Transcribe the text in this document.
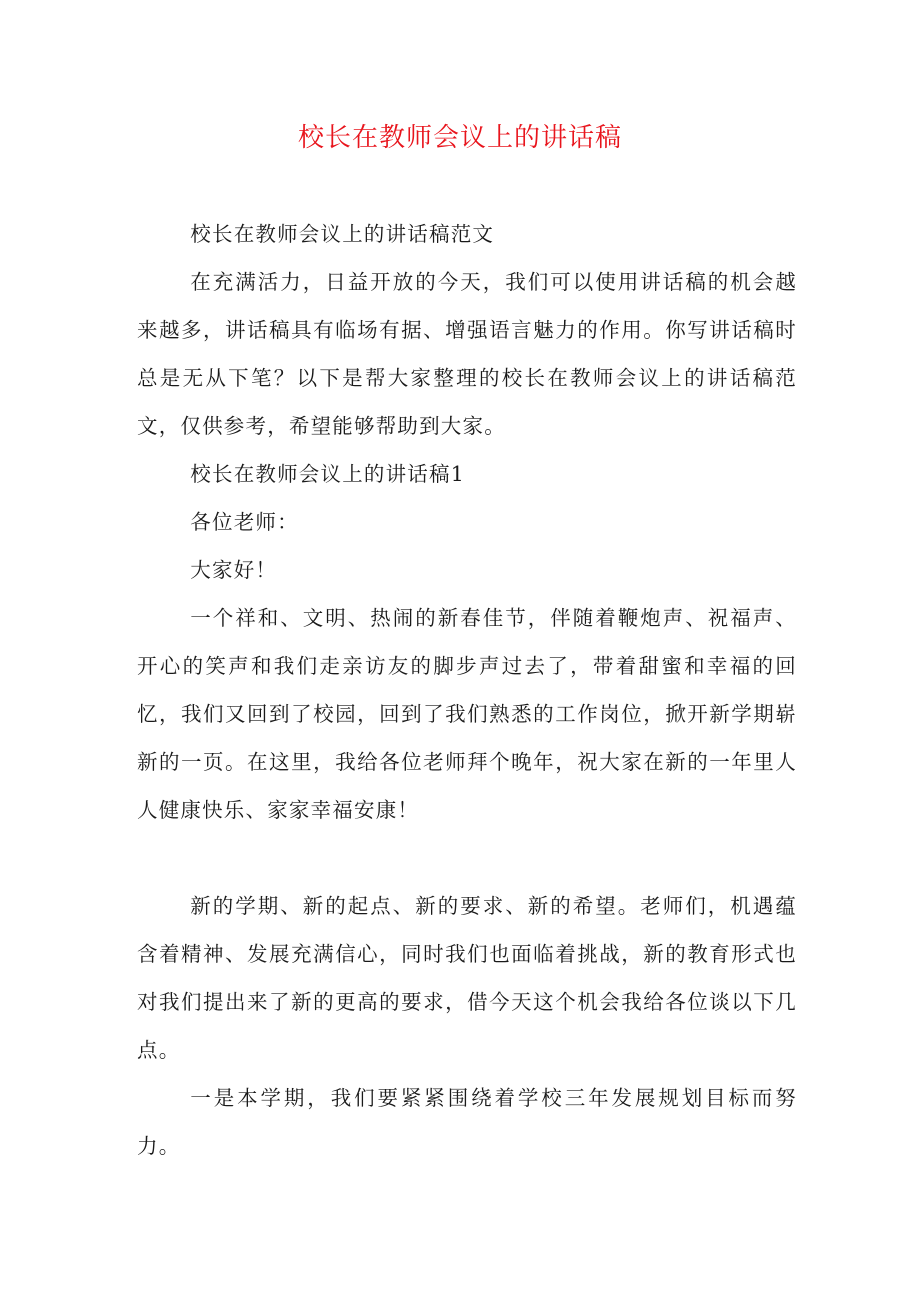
校长在教师会议上的讲话稿

校长在教师会议上的讲话稿范文

在充满活力，日益开放的今天，我们可以使用讲话稿的机会越来越多，讲话稿具有临场有据、增强语言魅力的作用。你写讲话稿时总是无从下笔？以下是帮大家整理的校长在教师会议上的讲话稿范文，仅供参考，希望能够帮助到大家。

校长在教师会议上的讲话稿1

各位老师：

大家好！

一个祥和、文明、热闹的新春佳节，伴随着鞭炮声、祝福声、开心的笑声和我们走亲访友的脚步声过去了，带着甜蜜和幸福的回忆，我们又回到了校园，回到了我们熟悉的工作岗位，掀开新学期崭新的一页。在这里，我给各位老师拜个晚年，祝大家在新的一年里人人健康快乐、家家幸福安康！

新的学期、新的起点、新的要求、新的希望。老师们，机遇蕴含着精神、发展充满信心，同时我们也面临着挑战，新的教育形式也对我们提出来了新的更高的要求，借今天这个机会我给各位谈以下几点。

一是本学期，我们要紧紧围绕着学校三年发展规划目标而努力。
